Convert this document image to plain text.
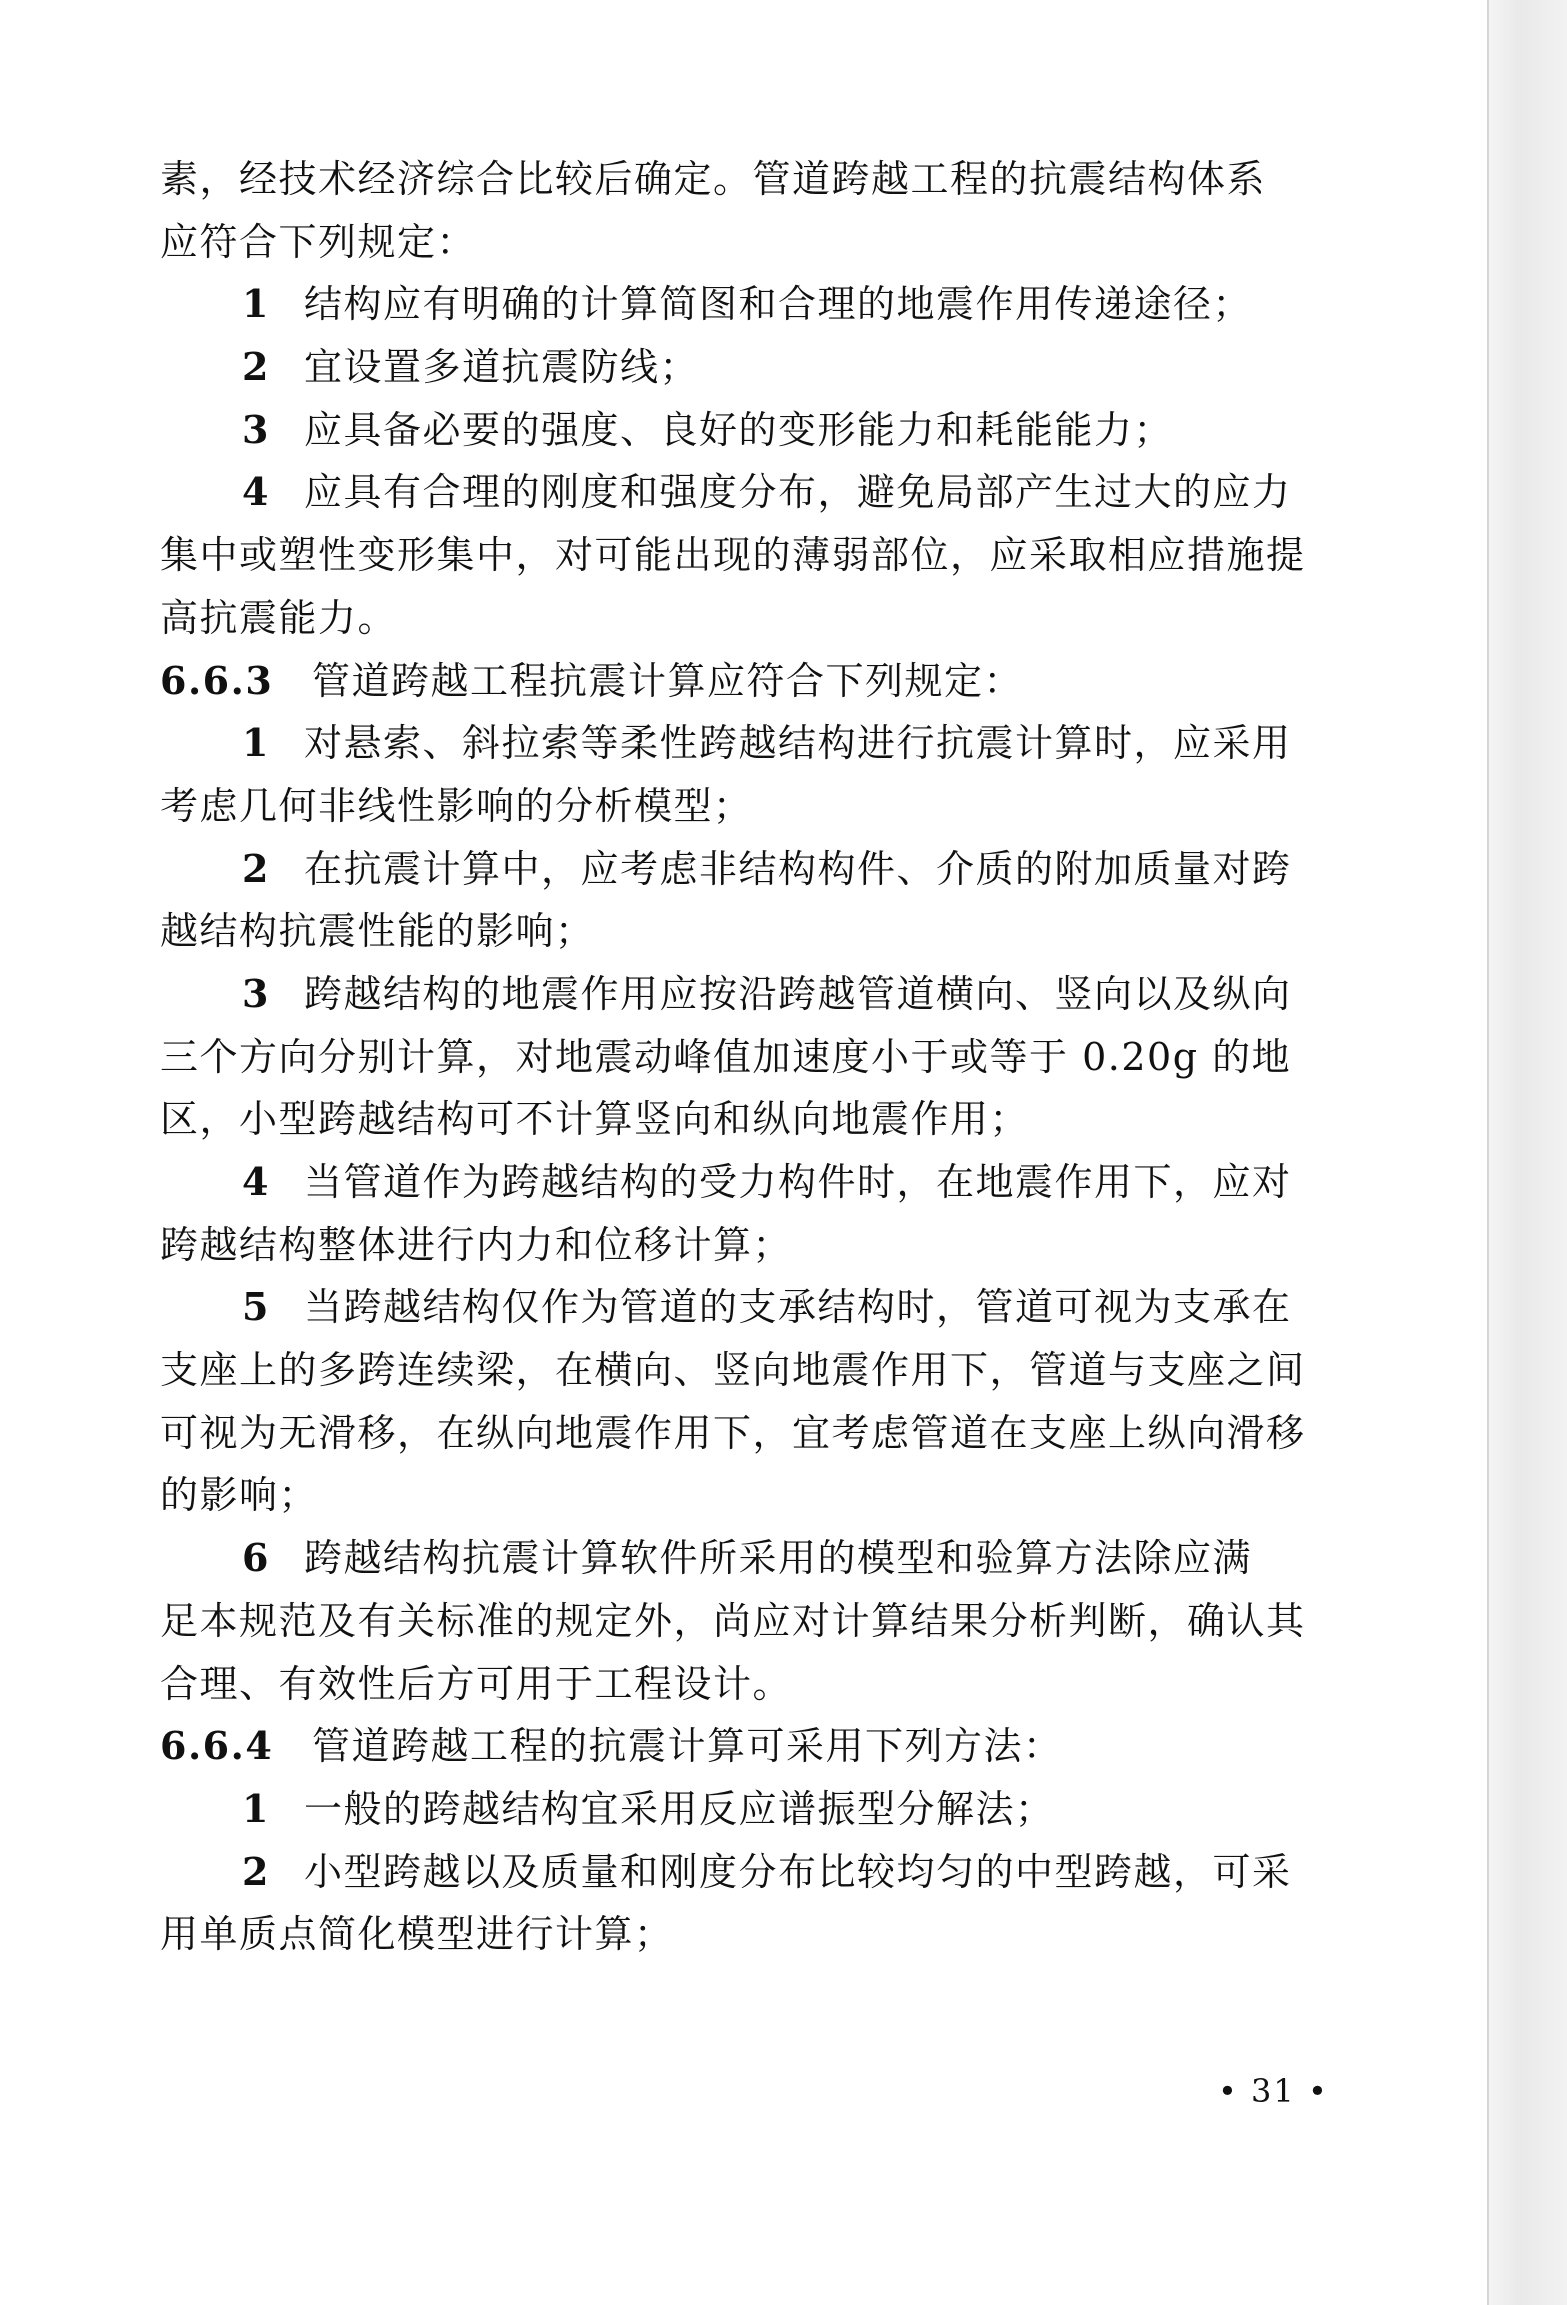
素，经技术经济综合比较后确定。管道跨越工程的抗震结构体系
应符合下列规定：
1 结构应有明确的计算简图和合理的地震作用传递途径；
2 宜设置多道抗震防线；
3 应具备必要的强度、良好的变形能力和耗能能力；
4 应具有合理的刚度和强度分布，避免局部产生过大的应力
集中或塑性变形集中，对可能出现的薄弱部位，应采取相应措施提
高抗震能力。
6.6.3 管道跨越工程抗震计算应符合下列规定：
1 对悬索、斜拉索等柔性跨越结构进行抗震计算时，应采用
考虑几何非线性影响的分析模型；
2 在抗震计算中，应考虑非结构构件、介质的附加质量对跨
越结构抗震性能的影响；
3 跨越结构的地震作用应按沿跨越管道横向、竖向以及纵向
三个方向分别计算，对地震动峰值加速度小于或等于 0.20g 的地
区，小型跨越结构可不计算竖向和纵向地震作用；
4 当管道作为跨越结构的受力构件时，在地震作用下，应对
跨越结构整体进行内力和位移计算；
5 当跨越结构仅作为管道的支承结构时，管道可视为支承在
支座上的多跨连续梁，在横向、竖向地震作用下，管道与支座之间
可视为无滑移，在纵向地震作用下，宜考虑管道在支座上纵向滑移
的影响；
6 跨越结构抗震计算软件所采用的模型和验算方法除应满
足本规范及有关标准的规定外，尚应对计算结果分析判断，确认其
合理、有效性后方可用于工程设计。
6.6.4 管道跨越工程的抗震计算可采用下列方法：
1 一般的跨越结构宜采用反应谱振型分解法；
2 小型跨越以及质量和刚度分布比较均匀的中型跨越，可采
用单质点简化模型进行计算；
• 31 •
